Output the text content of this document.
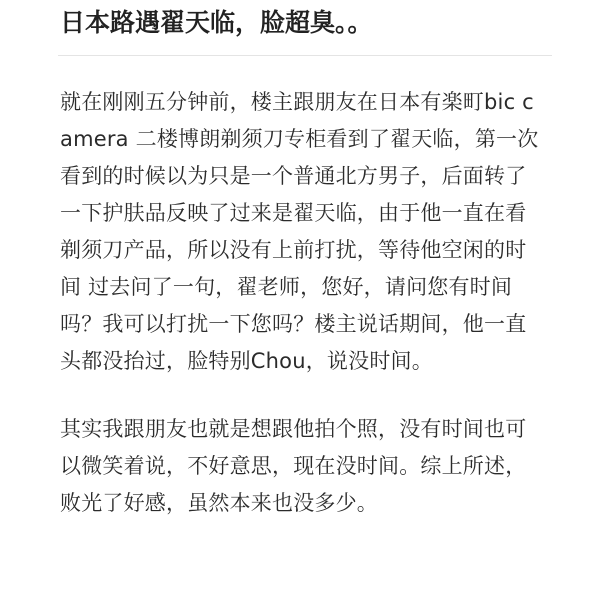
日本路遇翟天临，脸超臭。。

就在刚刚五分钟前，楼主跟朋友在日本有楽町bic camera 二楼博朗剃须刀专柜看到了翟天临，第一次看到的时候以为只是一个普通北方男子，后面转了一下护肤品反映了过来是翟天临，由于他一直在看剃须刀产品，所以没有上前打扰，等待他空闲的时间 过去问了一句，翟老师，您好，请问您有时间吗？我可以打扰一下您吗？楼主说话期间，他一直头都没抬过，脸特别Chou，说没时间。

其实我跟朋友也就是想跟他拍个照，没有时间也可以微笑着说，不好意思，现在没时间。综上所述，败光了好感，虽然本来也没多少。
